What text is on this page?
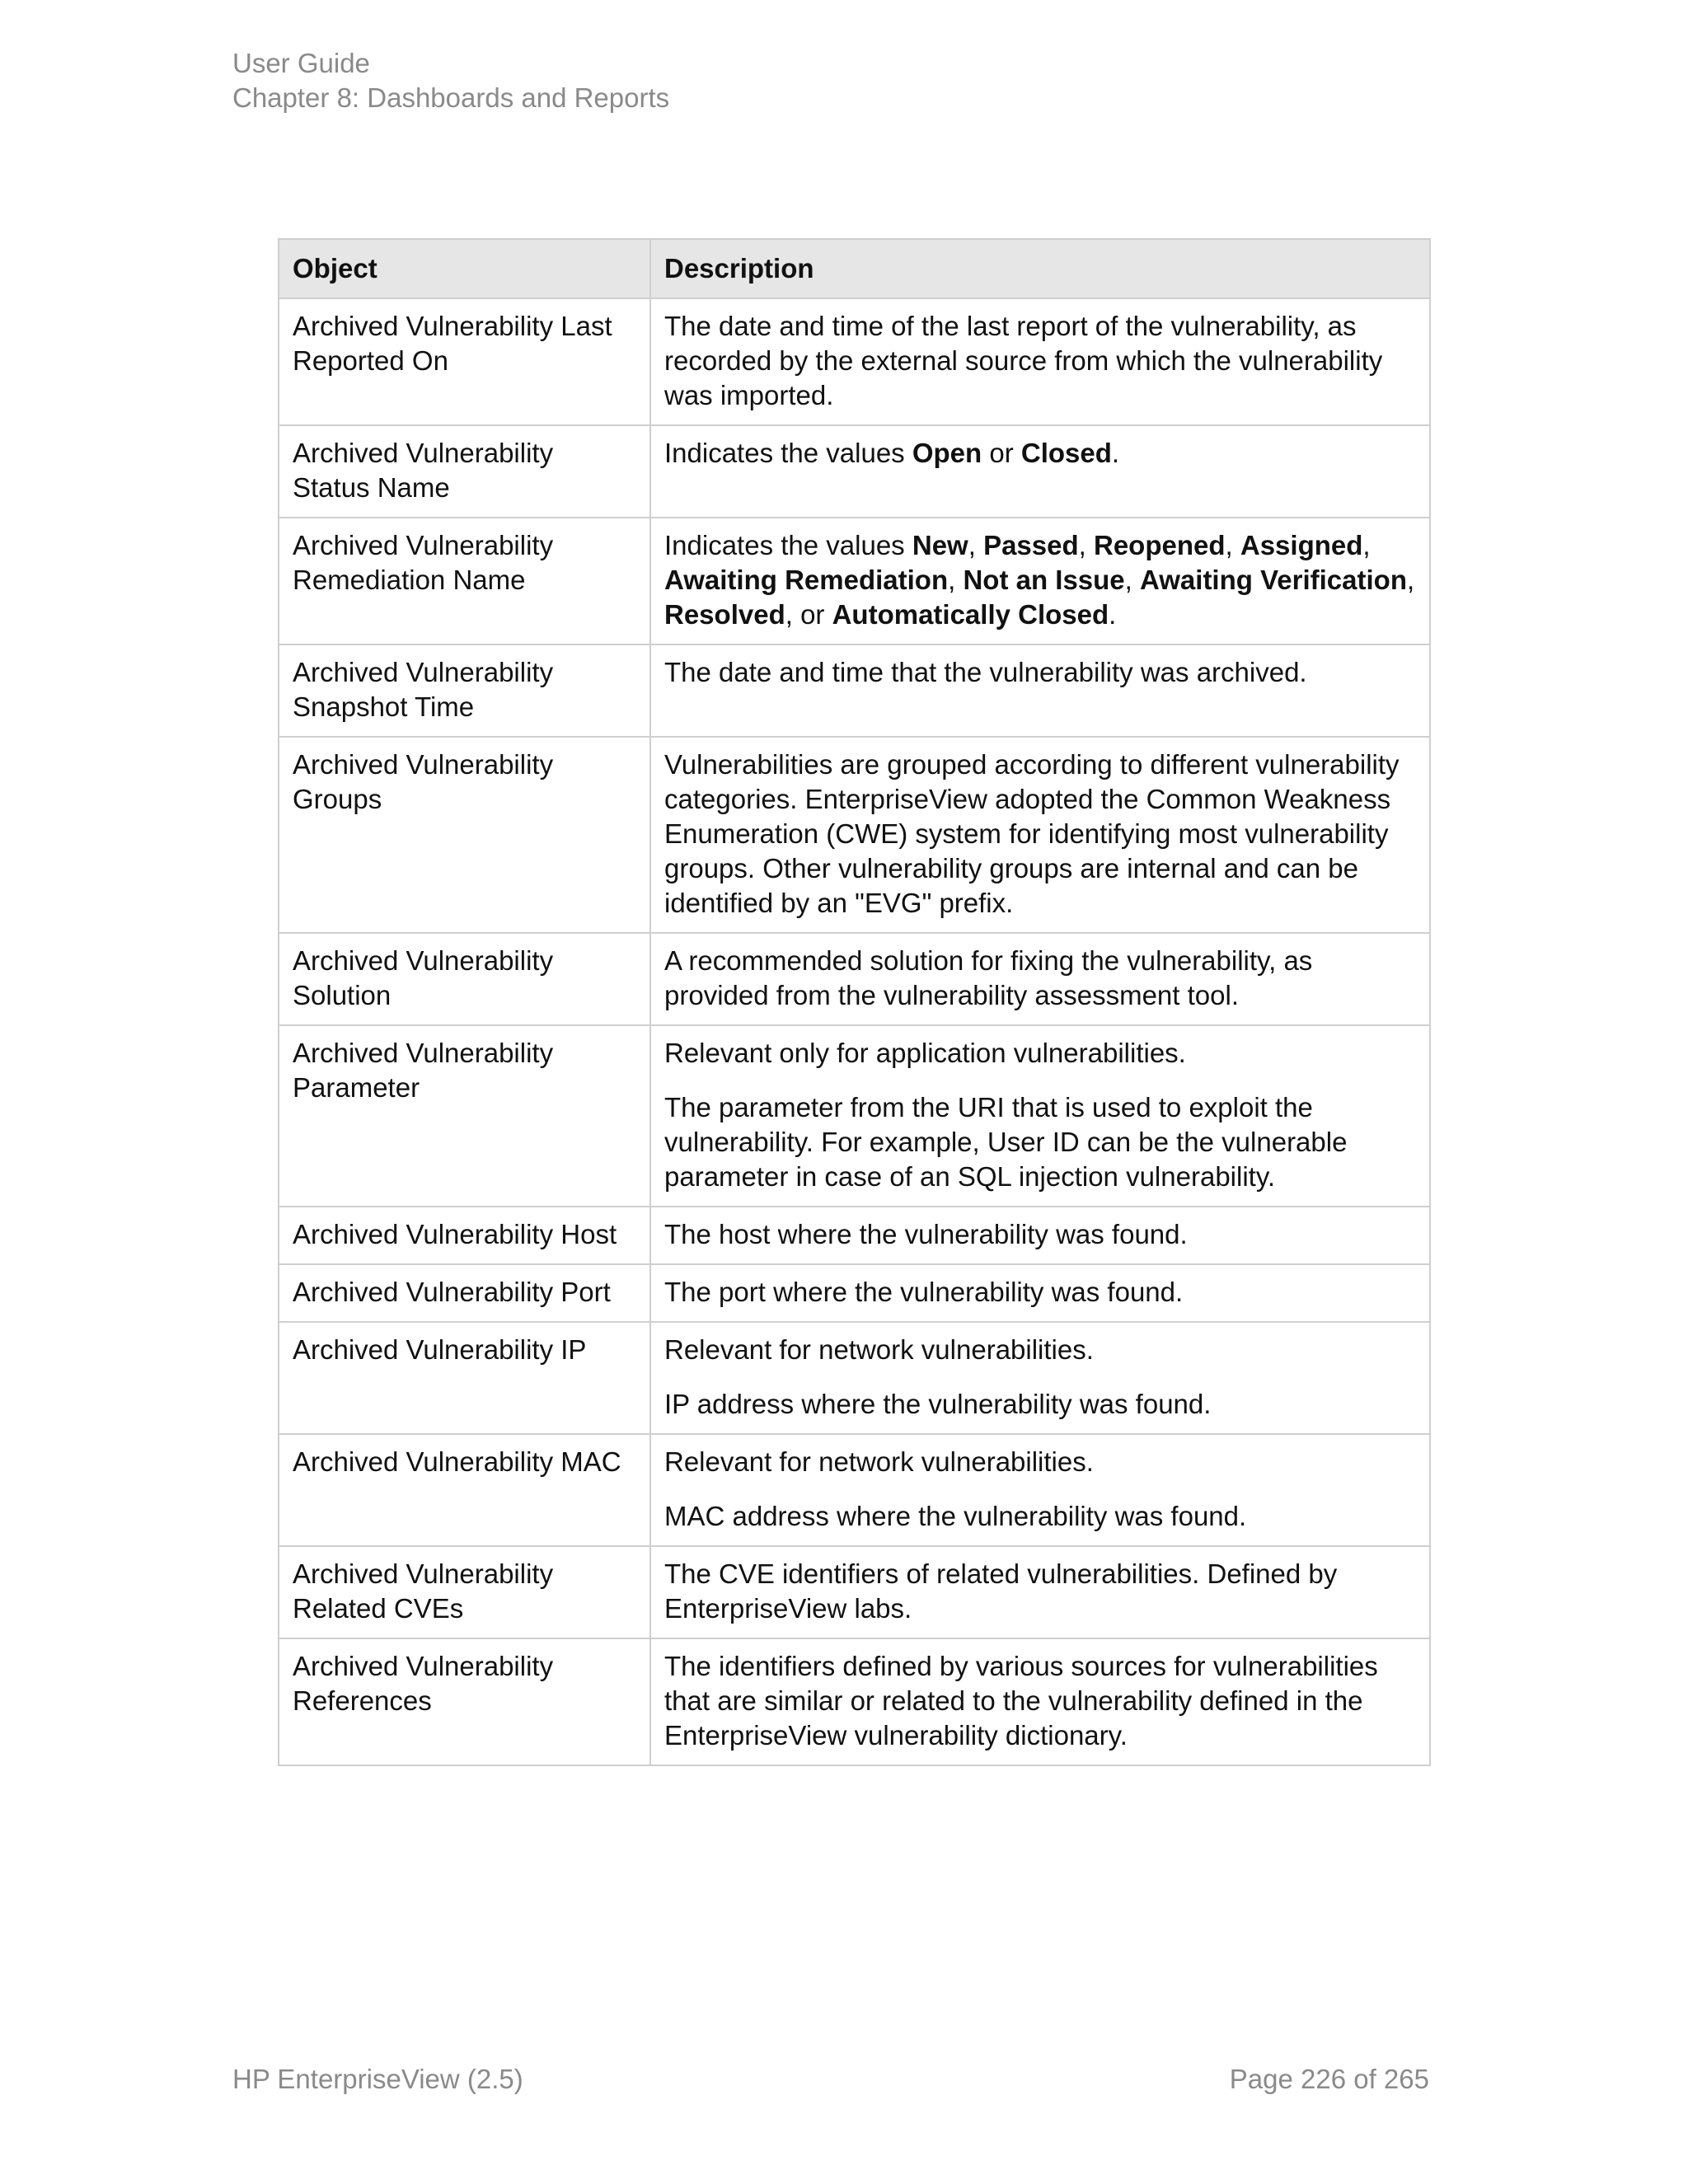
User Guide
Chapter 8: Dashboards and Reports
Object	Description
Archived Vulnerability Last Reported On	The date and time of the last report of the vulnerability, as recorded by the external source from which the vulnerability was imported.

Archived Vulnerability Status Name	Indicates the values Open or Closed.

Archived Vulnerability Remediation Name	Indicates the values New, Passed, Reopened, Assigned, Awaiting Remediation, Not an Issue, Awaiting Verification, Resolved, or Automatically Closed.

Archived Vulnerability Snapshot Time	The date and time that the vulnerability was archived.

Archived Vulnerability Groups	Vulnerabilities are grouped according to different vulnerability categories. EnterpriseView adopted the Common Weakness Enumeration (CWE) system for identifying most vulnerability groups. Other vulnerability groups are internal and can be identified by an "EVG" prefix.

Archived Vulnerability Solution	A recommended solution for fixing the vulnerability, as provided from the vulnerability assessment tool.

Archived Vulnerability Parameter	Relevant only for application vulnerabilities.

The parameter from the URI that is used to exploit the vulnerability. For example, User ID can be the vulnerable parameter in case of an SQL injection vulnerability.

Archived Vulnerability Host	The host where the vulnerability was found.

Archived Vulnerability Port	The port where the vulnerability was found.

Archived Vulnerability IP	Relevant for network vulnerabilities.

IP address where the vulnerability was found.

Archived Vulnerability MAC	Relevant for network vulnerabilities.

MAC address where the vulnerability was found.

Archived Vulnerability Related CVEs	The CVE identifiers of related vulnerabilities. Defined by EnterpriseView labs.

Archived Vulnerability References	The identifiers defined by various sources for vulnerabilities that are similar or related to the vulnerability defined in the EnterpriseView vulnerability dictionary.

HP EnterpriseView (2.5)	Page 226 of 265
